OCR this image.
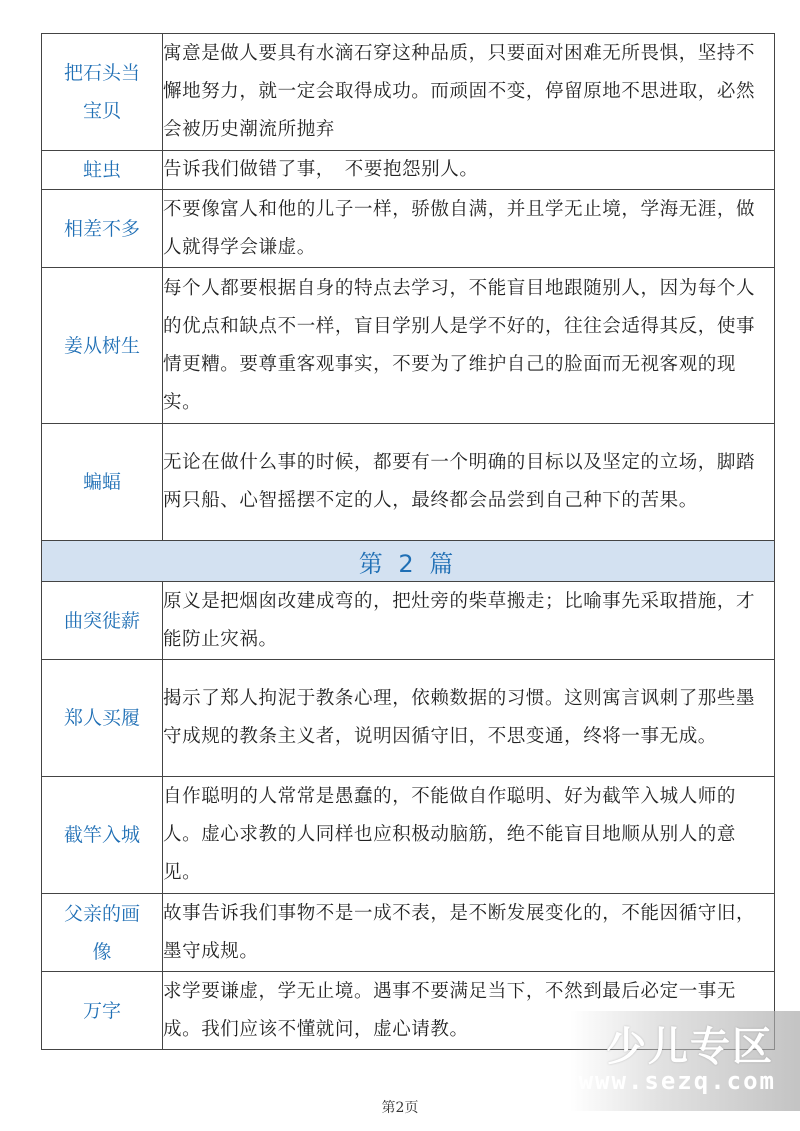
把石头当宝贝	寓意是做人要具有水滴石穿这种品质，只要面对困难无所畏惧，坚持不懈地努力，就一定会取得成功。而顽固不变，停留原地不思进取，必然会被历史潮流所抛弃
蛀虫	告诉我们做错了事，　不要抱怨别人。
相差不多	不要像富人和他的儿子一样，骄傲自满，并且学无止境，学海无涯，做人就得学会谦虚。
姜从树生	每个人都要根据自身的特点去学习，不能盲目地跟随别人，因为每个人的优点和缺点不一样，盲目学别人是学不好的，往往会适得其反，使事情更糟。要尊重客观事实，不要为了维护自己的脸面而无视客观的现实。
蝙蝠	无论在做什么事的时候，都要有一个明确的目标以及坚定的立场，脚踏两只船、心智摇摆不定的人，最终都会品尝到自己种下的苦果。
第 2 篇	
曲突徙薪	原义是把烟囱改建成弯的，把灶旁的柴草搬走；比喻事先采取措施，才能防止灾祸。
郑人买履	揭示了郑人拘泥于教条心理，依赖数据的习惯。这则寓言讽刺了那些墨守成规的教条主义者，说明因循守旧，不思变通，终将一事无成。
截竿入城	自作聪明的人常常是愚蠢的，不能做自作聪明、好为截竿入城人师的人。虚心求教的人同样也应积极动脑筋，绝不能盲目地顺从别人的意见。
父亲的画像	故事告诉我们事物不是一成不表，是不断发展变化的，不能因循守旧，墨守成规。
万字	求学要谦虚，学无止境。遇事不要满足当下，不然到最后必定一事无成。我们应该不懂就问，虚心请教。	少儿专区
www.sezq.com
第2页
